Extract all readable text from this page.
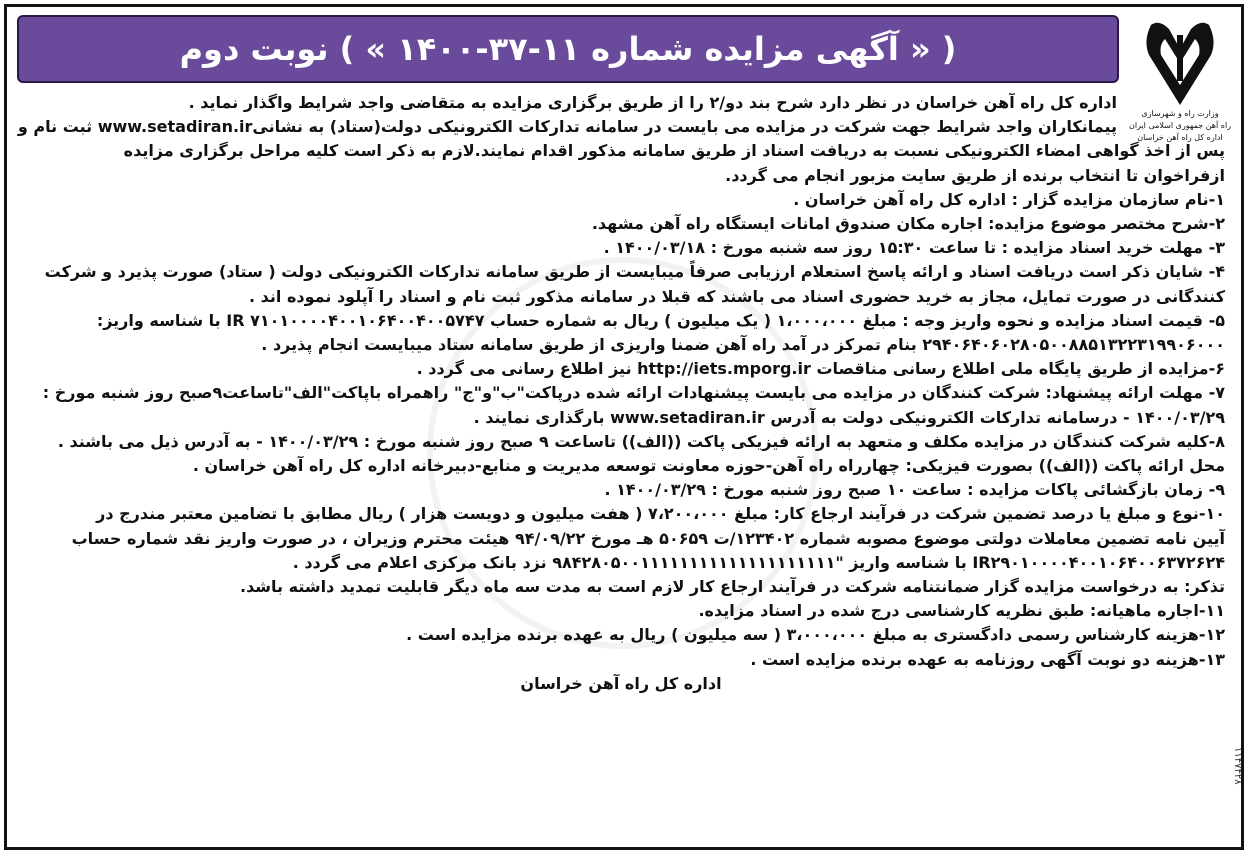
وزارت راه و شهرسازی
راه آهن جمهوری اسلامی ایران
اداره کل راه آهن خراسان
( « آگهی مزایده شماره ۱۱-۳۷-۱۴۰۰ » ) نوبت دوم

اداره کل راه آهن خراسان در نظر دارد شرح بند دو/۲ را از طریق برگزاری مزایده به متقاضی واجد شرایط واگذار نماید .

پیمانکاران واجد شرایط جهت شرکت در مزایده می بایست در سامانه تدارکات الکترونیکی دولت(ستاد) به نشانیwww.setadiran.ir ثبت نام و

پس از اخذ گواهی امضاء الکترونیکی نسبت به دریافت اسناد از طریق سامانه مذکور اقدام نمایند.لازم به ذکر است کلیه مراحل برگزاری مزایده

ازفراخوان تا انتخاب برنده از طریق سایت مزبور انجام می گردد.

۱-نام سازمان مزایده گزار : اداره کل راه آهن خراسان .

۲-شرح مختصر موضوع مزایده: اجاره مکان صندوق امانات ایستگاه راه آهن مشهد.

۳- مهلت خرید اسناد مزایده : تا ساعت ۱۵:۳۰ روز سه شنبه مورخ : ۱۴۰۰/۰۳/۱۸ .

۴- شایان ذکر است دریافت اسناد و ارائه پاسخ استعلام ارزیابی صرفاً میبایست از طریق سامانه تدارکات الکترونیکی دولت ( ستاد) صورت پذیرد و شرکت

کنندگانی در صورت تمایل، مجاز به خرید حضوری اسناد می باشند که قبلا در سامانه مذکور ثبت نام و اسناد را آپلود نموده اند .

۵- قیمت اسناد مزایده و نحوه واریز وجه : مبلغ ۱،۰۰۰،۰۰۰ ( یک میلیون ) ریال به شماره حساب IR ۷۱۰۱۰۰۰۰۴۰۰۱۰۶۴۰۰۴۰۰۵۷۴۷ با شناسه واریز:

۲۹۴۰۶۴۰۶۰۲۸۰۵۰۰۸۸۵۱۳۲۲۳۱۹۹۰۶۰۰۰ بنام تمرکز در آمد راه آهن ضمنا واریزی از طریق سامانه ستاد میبایست انجام پذیرد .

۶-مزایده از طریق پایگاه ملی اطلاع رسانی مناقصات http://iets.mporg.ir نیز اطلاع رسانی می گردد .

۷- مهلت ارائه پیشنهاد: شرکت کنندگان در مزایده می بایست پیشنهادات ارائه شده درپاکت"ب"و"ج" راهمراه باپاکت"الف"تاساعت۹صبح روز شنبه مورخ :

۱۴۰۰/۰۳/۲۹ - درسامانه تدارکات الکترونیکی دولت به آدرس www.setadiran.ir بارگذاری نمایند .

۸-کلیه شرکت کنندگان در مزایده مکلف و متعهد به ارائه فیزیکی پاکت ((الف)) تاساعت ۹ صبح روز شنبه مورخ : ۱۴۰۰/۰۳/۲۹ - به آدرس ذیل می باشند .

محل ارائه پاکت ((الف)) بصورت فیزیکی: چهارراه راه آهن-حوزه معاونت توسعه مدیریت و منابع-دبیرخانه اداره کل راه آهن خراسان .

۹- زمان بازگشائی پاکات مزایده : ساعت ۱۰ صبح روز شنبه مورخ : ۱۴۰۰/۰۳/۲۹ .

۱۰-نوع و مبلغ یا درصد تضمین شرکت در فرآیند ارجاع کار: مبلغ ۷،۲۰۰،۰۰۰ ( هفت میلیون و دویست هزار ) ریال مطابق با تضامین معتبر مندرج در

آیین نامه تضمین معاملات دولتی موضوع مصوبه شماره ۱۲۳۴۰۲/ت ۵۰۶۵۹ هـ مورخ ۹۴/۰۹/۲۲ هیئت محترم وزیران ، در صورت واریز نقد شماره حساب

IR۲۹۰۱۰۰۰۰۴۰۰۱۰۶۴۰۰۶۳۷۲۶۲۴ با شناسه واریز "۹۸۴۲۸۰۵۰۰۱۱۱۱۱۱۱۱۱۱۱۱۱۱۱۱۱۱۱۱ نزد بانک مرکزی اعلام می گردد .

تذکر: به درخواست مزایده گزار ضمانتنامه شرکت در فرآیند ارجاع کار لازم است به مدت سه ماه دیگر قابلیت تمدید داشته باشد.

۱۱-اجاره ماهیانه: طبق نظریه کارشناسی درج شده در اسناد مزایده.

۱۲-هزینه کارشناس رسمی دادگستری به مبلغ ۳،۰۰۰،۰۰۰ ( سه میلیون ) ریال به عهده برنده مزایده است .

۱۳-هزینه دو نوبت آگهی روزنامه به عهده برنده مزایده است .

اداره کل راه آهن خراسان

۱۱۴۷۴۲۸
